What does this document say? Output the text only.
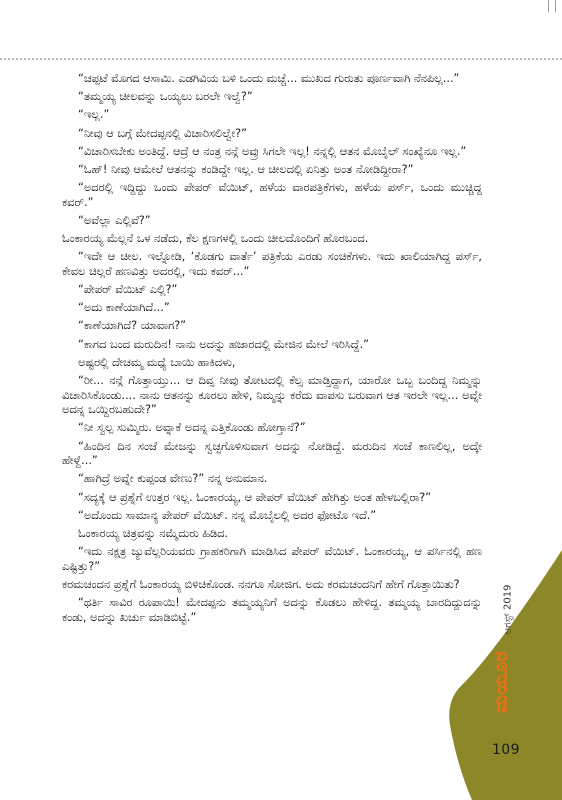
“ಚಪ್ಪಟೆ ಮೊಗದ ಆಸಾಮಿ. ಎಡಗಿವಿಯ ಬಳಿ ಒಂದು ಮಚ್ಚೆ... ಮುಖದ ಗುರುತು ಪೂರ್ಣವಾಗಿ ನೆನಪಿಲ್ಲ...”

“ತಮ್ಮಯ್ಯ ಚೀಲವನ್ನು ಒಯ್ಯಲು ಬರಲೇ ಇಲ್ವೆ?”

“ಇಲ್ಲ.”

“ನೀವು ಆ ಬಗ್ಗೆ ಮೇದಪ್ಪನಲ್ಲಿ ವಿಚಾರಿಸಲಿಲ್ವೇ?”

“ವಿಚಾರಿಸಬೇಕು ಅಂತಿದ್ದೆ. ಆದ್ರೆ ಆ ನಂತ್ರ ನನ್ಗೆ ಅವ್ರು ಸಿಗಲೇ ಇಲ್ಲ! ನನ್ನಲ್ಲಿ ಆತನ ಮೊಬೈಲ್ ಸಂಖ್ಯೆನೂ ಇಲ್ಲ.”

“ಓಹ್! ನೀವು ಆಮೇಲೆ ಆತನನ್ನು ಕಂಡಿದ್ದೇ ಇಲ್ಲ. ಆ ಚೀಲದಲ್ಲಿ ಏನಿತ್ತು ಅಂತ ನೋಡಿದ್ದೀರಾ?”

“ಅದರಲ್ಲಿ ಇದ್ದಿದ್ದು ಒಂದು ಪೇಪರ್ ವೆಯಿಟ್, ಹಳೆಯ ವಾರಪತ್ರಿಕೆಗಳು, ಹಳೆಯ ಪರ್ಸ್, ಒಂದು ಮುಚ್ಚಿದ್ದ ಕವರ್.”

“ಅವೆಲ್ಲಾ ಎಲ್ಲಿವೆ?”

ಓಂಕಾರಯ್ಯ ಮೆಲ್ಲನೆ ಒಳ ನಡೆದು, ಕೆಲ ಕ್ಷಣಗಳಲ್ಲಿ ಒಂದು ಚೀಲದೊಂದಿಗೆ ಹೊರಬಂದ.

“ಇದೇ ಆ ಚೀಲ. ಇಲ್ನೋಡಿ, ‘ಕೊಡಗು ವಾರ್ತೆ’ ಪತ್ರಿಕೆಯ ಎರಡು ಸಂಚಿಕೆಗಳು. ಇದು ಖಾಲಿಯಾಗಿದ್ದ ಪರ್ಸ್, ಕೇವಲ ಚಿಲ್ಲರೆ ಹಣವಿತ್ತು ಅದರಲ್ಲಿ, ಇದು ಕವರ್...”

“ಪೇಪರ್ ವೆಯಿಟ್ ಎಲ್ಲಿ?”

“ಅದು ಕಾಣೆಯಾಗಿದೆ...”

“ಕಾಣೆಯಾಗಿದೆ? ಯಾವಾಗ?”

“ಕಾಗದ ಬಂದ ಮರುದಿನ! ನಾನು ಅದನ್ನು ಹಜಾರದಲ್ಲಿ ಮೇಜಿನ ಮೇಲೆ ಇರಿಸಿದ್ದೆ.”

ಅಷ್ಟರಲ್ಲಿ ದೇಚಮ್ಮ ಮಧ್ಯೆ ಬಾಯಿ ಹಾಕಿದಳು,

“ರೀ... ನನ್ಗೆ ಗೊತ್ತಾಯ್ತು... ಆ ದಿವ್ಸ ನೀವು ತೋಟದಲ್ಲಿ ಕೆಲ್ಸ ಮಾಡ್ತಿದ್ದಾಗ, ಯಾರೋ ಒಬ್ಬ ಬಂದಿದ್ದ ನಿಮ್ಮನ್ನು ವಿಚಾರಿಸಿಕೊಂಡು.... ನಾನು ಆತನನ್ನು ಕೂರಲು ಹೇಳಿ, ನಿಮ್ಮನ್ನು ಕರೆದು ವಾಪಸು ಬರುವಾಗ ಆತ ಇರಲೇ ಇಲ್ಲ... ಅವ್ನೇ ಅದನ್ನ ಒಯ್ದಿರಬಹುದೇ?”

“ನೀ ಸ್ವಲ್ಪ ಸುಮ್ಮಿರು. ಅವ್ನಾಕೆ ಅದನ್ನ ಎತ್ತಿಕೊಂಡು ಹೋಗ್ತಾನೆ?”

“ಹಿಂದಿನ ದಿನ ಸಂಜೆ ಮೇಜನ್ನು ಸ್ವಚ್ಛಗೊಳಿಸುವಾಗ ಅದನ್ನು ನೋಡಿದ್ದೆ. ಮರುದಿನ ಸಂಜೆ ಕಾಣಲಿಲ್ಲ, ಅದ್ಕೇ ಹೇಳ್ದೆ...”

“ಹಾಗಿದ್ರೆ ಅವ್ನೇ ಕುಪ್ಪಂಡ ವೇಣು?” ನನ್ನ ಅನುಮಾನ.

“ಸದ್ಯಕ್ಕೆ ಆ ಪ್ರಶ್ನೆಗೆ ಉತ್ತರ ಇಲ್ಲ. ಓಂಕಾರಯ್ಯ, ಆ ಪೇಪರ್ ವೆಯಿಟ್ ಹೇಗಿತ್ತು ಅಂತ ಹೇಳಬಲ್ಲಿರಾ?”

“ಅದೊಂದು ಸಾಮಾನ್ಯ ಪೇಪರ್ ವೆಯಿಟ್. ನನ್ನ ಮೊಬೈಲಲ್ಲಿ ಅದರ ಫೋಟೊ ಇದೆ.”

ಓಂಕಾರಯ್ಯ ಚಿತ್ರವನ್ನು ನಮ್ಮೆದುರು ಹಿಡಿದ.

“ಇದು ನಕ್ಷತ್ರ ಜ್ಯುವೆಲ್ಲರಿಯವರು ಗ್ರಾಹಕರಿಗಾಗಿ ಮಾಡಿಸಿದ ಪೇಪರ್ ವೆಯಿಟ್. ಓಂಕಾರಯ್ಯ, ಆ ಪರ್ಸಿನಲ್ಲಿ ಹಣ ಎಷ್ಟಿತ್ತು?”

ಕರಮಚಂದನ ಪ್ರಶ್ನೆಗೆ ಓಂಕಾರಯ್ಯ ಬಿಳಿಚಿಕೊಂಡ. ನನಗೂ ಸೋಜಿಗ. ಅದು ಕರಮಚಂದನಿಗೆ ಹೇಗೆ ಗೊತ್ತಾಯಿತು?

“ಥರ್ತಿ ಸಾವಿರ ರೂಪಾಯಿ! ಮೇದಪ್ಪನು ತಮ್ಮಯ್ಯನಿಗೆ ಅದನ್ನು ಕೊಡಲು ಹೇಳಿದ್ದ. ತಮ್ಮಯ್ಯ ಬಾರದಿದ್ದುದನ್ನು ಕಂಡು, ಅದನ್ನು ಖರ್ಚು ಮಾಡಿಬಿಟ್ಟೆ.”	ಆಗಸ್ಟ್ 2019
ಮಯೂರ
109
